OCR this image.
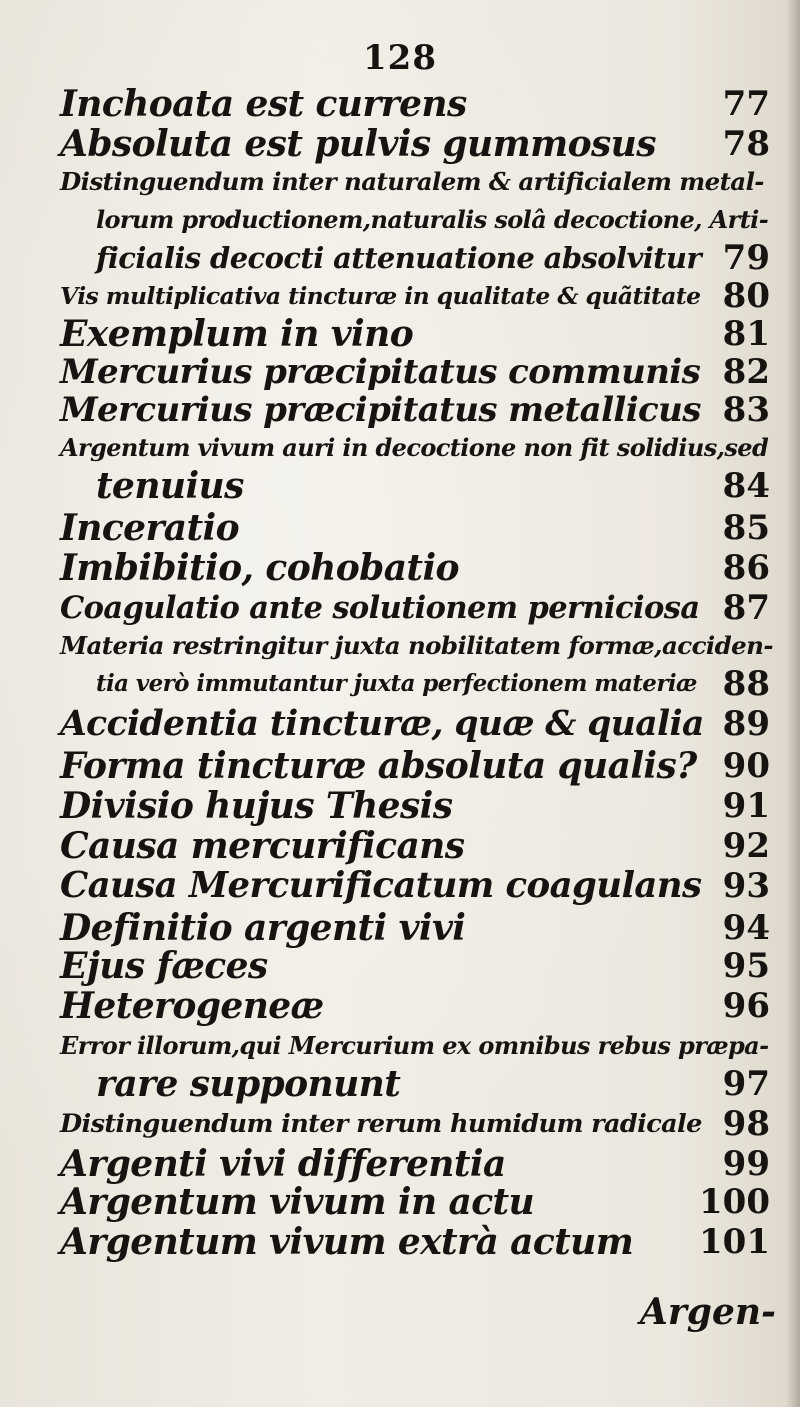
128
Inchoata est currens	77
Absoluta est pulvis gummosus 78
Distinguendum inter naturalem & artificialem metal-
lorum productionem,naturalis solâ decoctione, Arti-
ficialis decocti attenuatione absolvitur 79
Vis multiplicativa tincturæ in qualitate & quãtitate 80
Exemplum in vino	81
Mercurius præcipitatus communis 82
Mercurius præcipitatus metallicus 83
Argentum vivum auri in decoctione non fit solidius,sed
tenuius	84
Inceratio	85
Imbibitio, cohobatio	86
Coagulatio ante solutionem perniciosa 87
Materia restringitur juxta nobilitatem formæ,acciden-
tia verò immutantur juxta perfectionem materiæ 88
Accidentia tincturæ, quæ & qualia 89
Forma tincturæ absoluta qualis? 90
Divisio hujus Thesis	91
Causa mercurificans	92
Causa Mercurificatum coagulans 93
Definitio argenti vivi	94
Ejus fæces	95
Heterogeneæ	96
Error illorum,qui Mercurium ex omnibus rebus præpa-
rare supponunt	97
Distinguendum inter rerum humidum radicale 98
Argenti vivi differentia	99
Argentum vivum in actu	100
Argentum vivum extrà actum 101
Argen-
